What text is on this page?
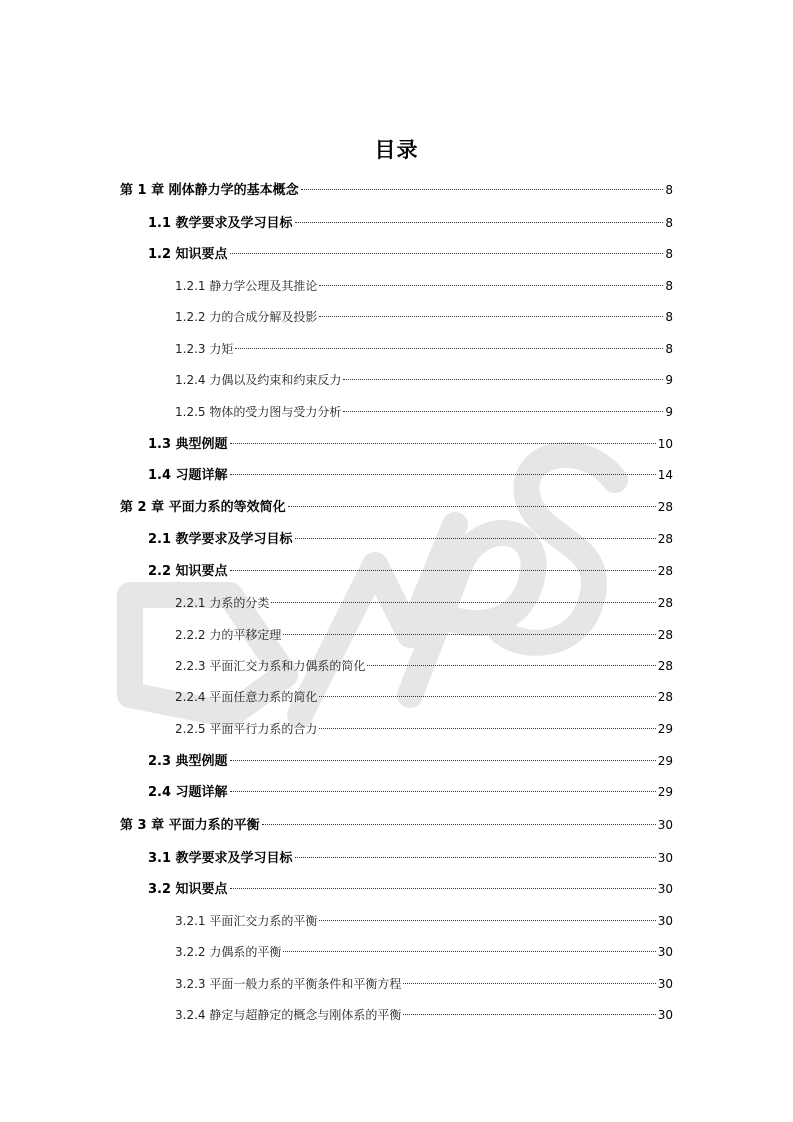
目录
第 1 章 刚体静力学的基本概念	8
1.1 教学要求及学习目标	8
1.2 知识要点	8
1.2.1 静力学公理及其推论	8
1.2.2 力的合成分解及投影	8
1.2.3 力矩	8
1.2.4 力偶以及约束和约束反力	9
1.2.5 物体的受力图与受力分析	9
1.3 典型例题	10
1.4 习题详解	14
第 2 章 平面力系的等效简化	28
2.1 教学要求及学习目标	28
2.2 知识要点	28
2.2.1 力系的分类	28
2.2.2 力的平移定理	28
2.2.3 平面汇交力系和力偶系的简化	28
2.2.4 平面任意力系的简化	28
2.2.5 平面平行力系的合力	29
2.3 典型例题	29
2.4 习题详解	29
第 3 章 平面力系的平衡	30
3.1 教学要求及学习目标	30
3.2 知识要点	30
3.2.1 平面汇交力系的平衡	30
3.2.2 力偶系的平衡	30
3.2.3 平面一般力系的平衡条件和平衡方程	30
3.2.4 静定与超静定的概念与刚体系的平衡	30
